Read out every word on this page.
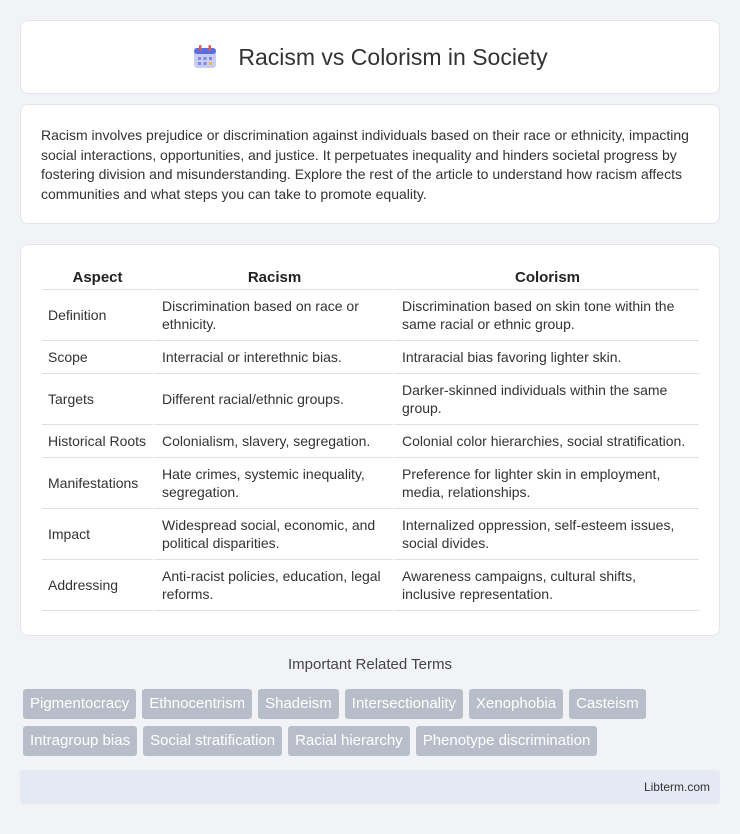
Racism vs Colorism in Society

Racism involves prejudice or discrimination against individuals based on their race or ethnicity, impacting social interactions, opportunities, and justice. It perpetuates inequality and hinders societal progress by fostering division and misunderstanding. Explore the rest of the article to understand how racism affects communities and what steps you can take to promote equality.

Aspect	Racism	Colorism
Definition	Discrimination based on race or ethnicity.	Discrimination based on skin tone within the same racial or ethnic group.
Scope	Interracial or interethnic bias.	Intraracial bias favoring lighter skin.
Targets	Different racial/ethnic groups.	Darker-skinned individuals within the same group.
Historical Roots	Colonialism, slavery, segregation.	Colonial color hierarchies, social stratification.
Manifestations	Hate crimes, systemic inequality, segregation.	Preference for lighter skin in employment, media, relationships.
Impact	Widespread social, economic, and political disparities.	Internalized oppression, self-esteem issues, social divides.
Addressing	Anti-racist policies, education, legal reforms.	Awareness campaigns, cultural shifts, inclusive representation.
Important Related Terms
Pigmentocracy	Ethnocentrism	Shadeism	Intersectionality	Xenophobia	Casteism
Intragroup bias	Social stratification	Racial hierarchy	Phenotype discrimination
Libterm.com
